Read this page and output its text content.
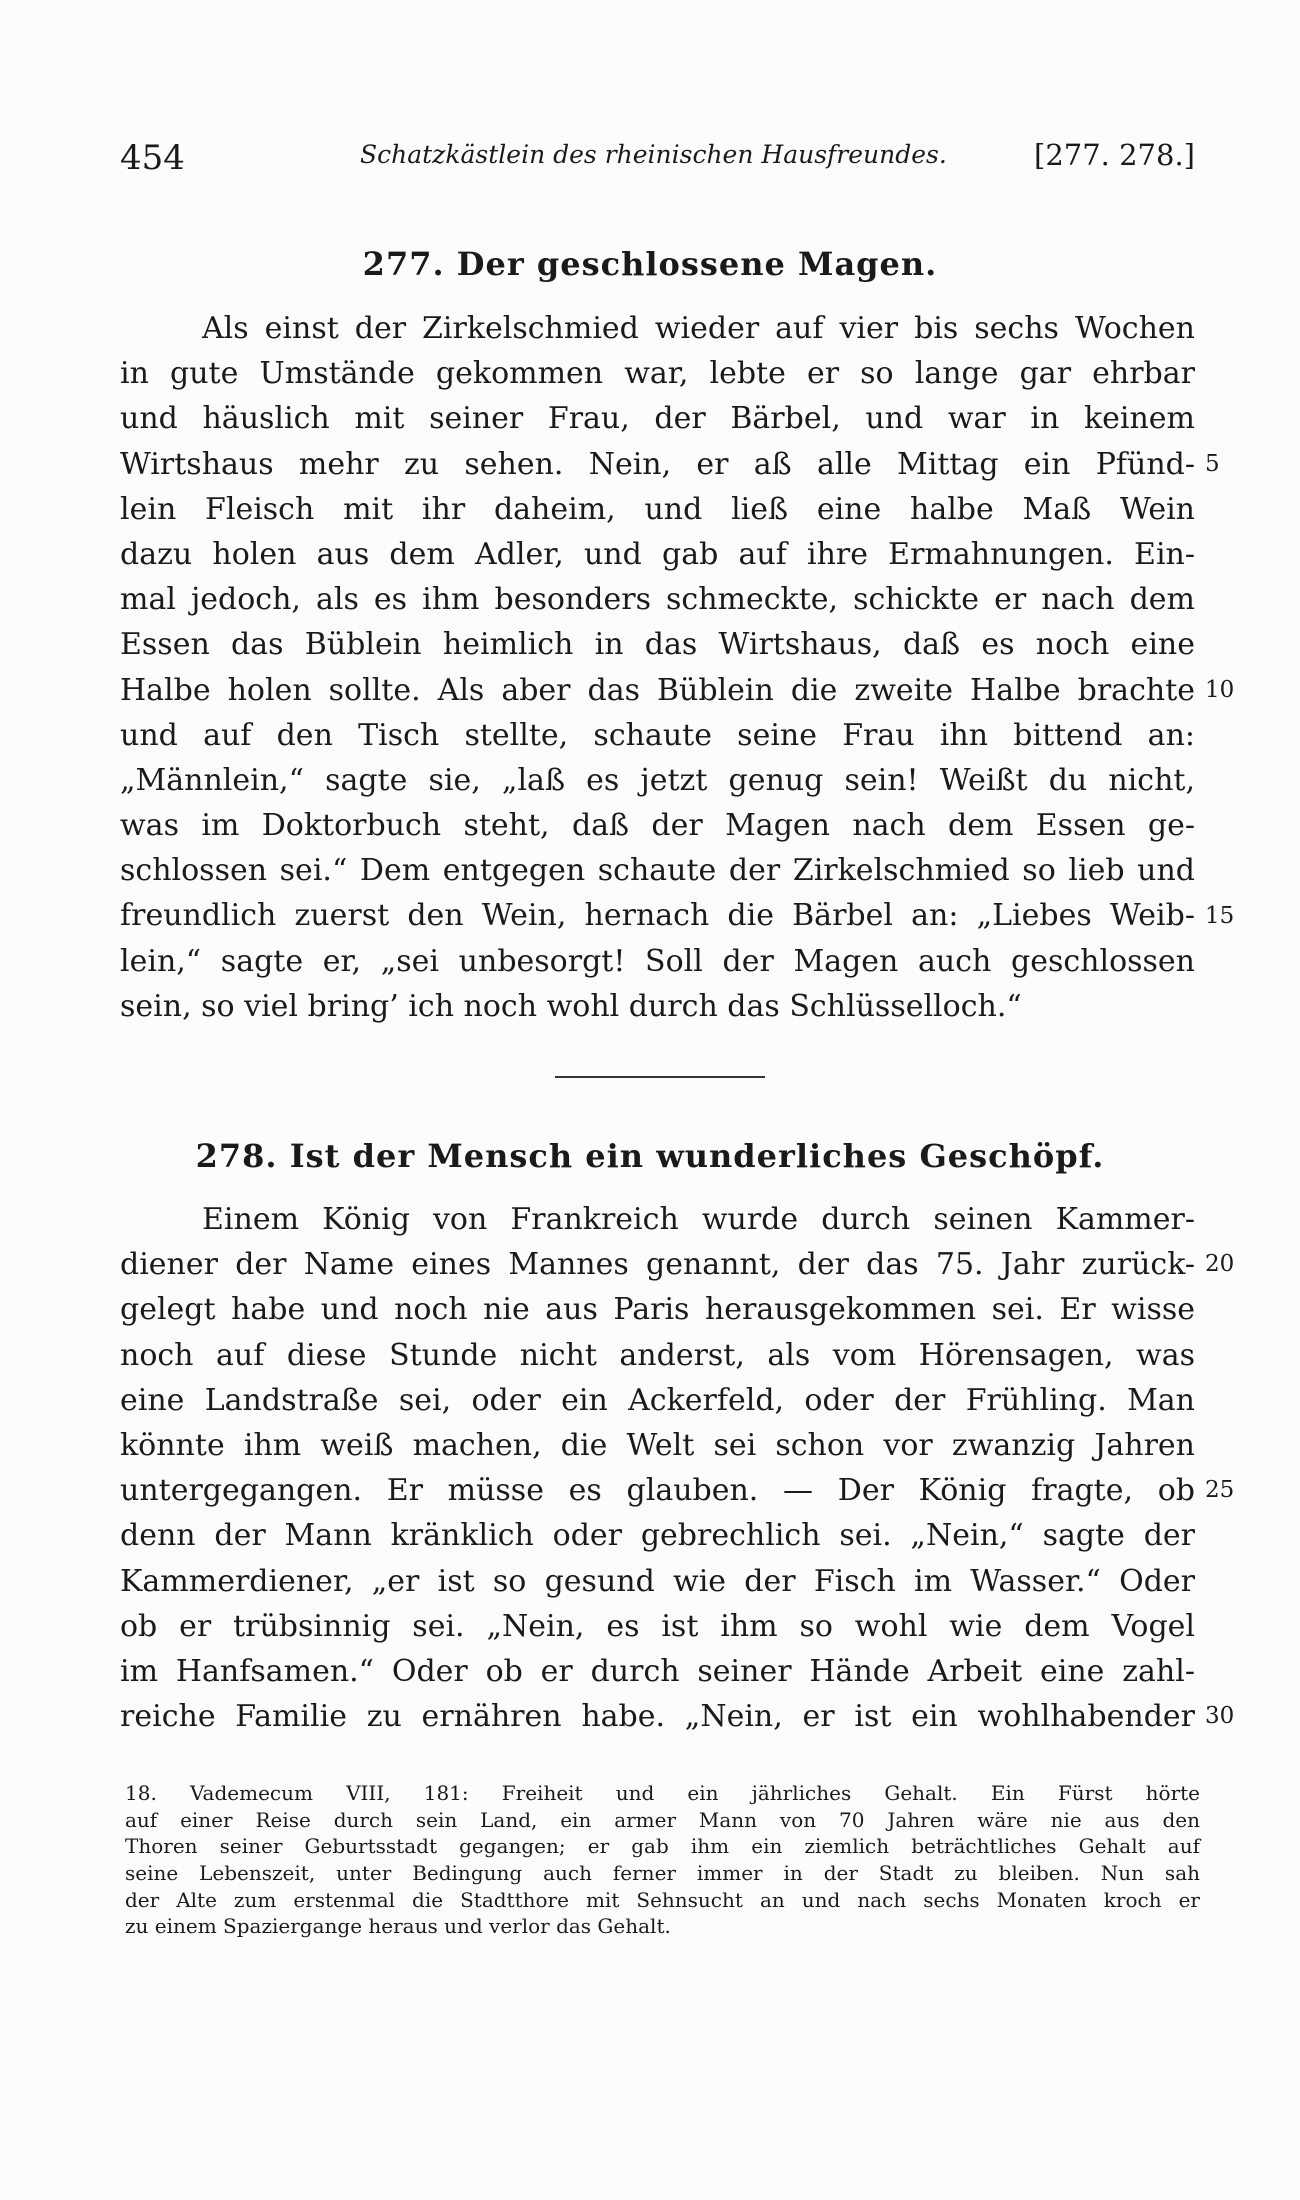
454	Schatzkästlein des rheinischen Hausfreundes.	[277. 278.]
277. Der geschlossene Magen.
Als einst der Zirkelschmied wieder auf vier bis sechs Wochen
in gute Umstände gekommen war, lebte er so lange gar ehrbar
und häuslich mit seiner Frau, der Bärbel, und war in keinem
Wirtshaus mehr zu sehen. Nein, er aß alle Mittag ein Pfünd-
lein Fleisch mit ihr daheim, und ließ eine halbe Maß Wein
dazu holen aus dem Adler, und gab auf ihre Ermahnungen. Ein-
mal jedoch, als es ihm besonders schmeckte, schickte er nach dem
Essen das Büblein heimlich in das Wirtshaus, daß es noch eine
Halbe holen sollte. Als aber das Büblein die zweite Halbe brachte
und auf den Tisch stellte, schaute seine Frau ihn bittend an:
„Männlein,“ sagte sie, „laß es jetzt genug sein! Weißt du nicht,
was im Doktorbuch steht, daß der Magen nach dem Essen ge-
schlossen sei.“ Dem entgegen schaute der Zirkelschmied so lieb und
freundlich zuerst den Wein, hernach die Bärbel an: „Liebes Weib-
lein,“ sagte er, „sei unbesorgt! Soll der Magen auch geschlossen
sein, so viel bring’ ich noch wohl durch das Schlüsselloch.“
278. Ist der Mensch ein wunderliches Geschöpf.
Einem König von Frankreich wurde durch seinen Kammer-
diener der Name eines Mannes genannt, der das 75. Jahr zurück-
gelegt habe und noch nie aus Paris herausgekommen sei. Er wisse
noch auf diese Stunde nicht anderst, als vom Hörensagen, was
eine Landstraße sei, oder ein Ackerfeld, oder der Frühling. Man
könnte ihm weiß machen, die Welt sei schon vor zwanzig Jahren
untergegangen. Er müsse es glauben. — Der König fragte, ob
denn der Mann kränklich oder gebrechlich sei. „Nein,“ sagte der
Kammerdiener, „er ist so gesund wie der Fisch im Wasser.“ Oder
ob er trübsinnig sei. „Nein, es ist ihm so wohl wie dem Vogel
im Hanfsamen.“ Oder ob er durch seiner Hände Arbeit eine zahl-
reiche Familie zu ernähren habe. „Nein, er ist ein wohlhabender
5
10
15
20
25
30
18. Vademecum VIII, 181: Freiheit und ein jährliches Gehalt. Ein Fürst hörte
auf einer Reise durch sein Land, ein armer Mann von 70 Jahren wäre nie aus den
Thoren seiner Geburtsstadt gegangen; er gab ihm ein ziemlich beträchtliches Gehalt auf
seine Lebenszeit, unter Bedingung auch ferner immer in der Stadt zu bleiben. Nun sah
der Alte zum erstenmal die Stadtthore mit Sehnsucht an und nach sechs Monaten kroch er
zu einem Spaziergange heraus und verlor das Gehalt.
